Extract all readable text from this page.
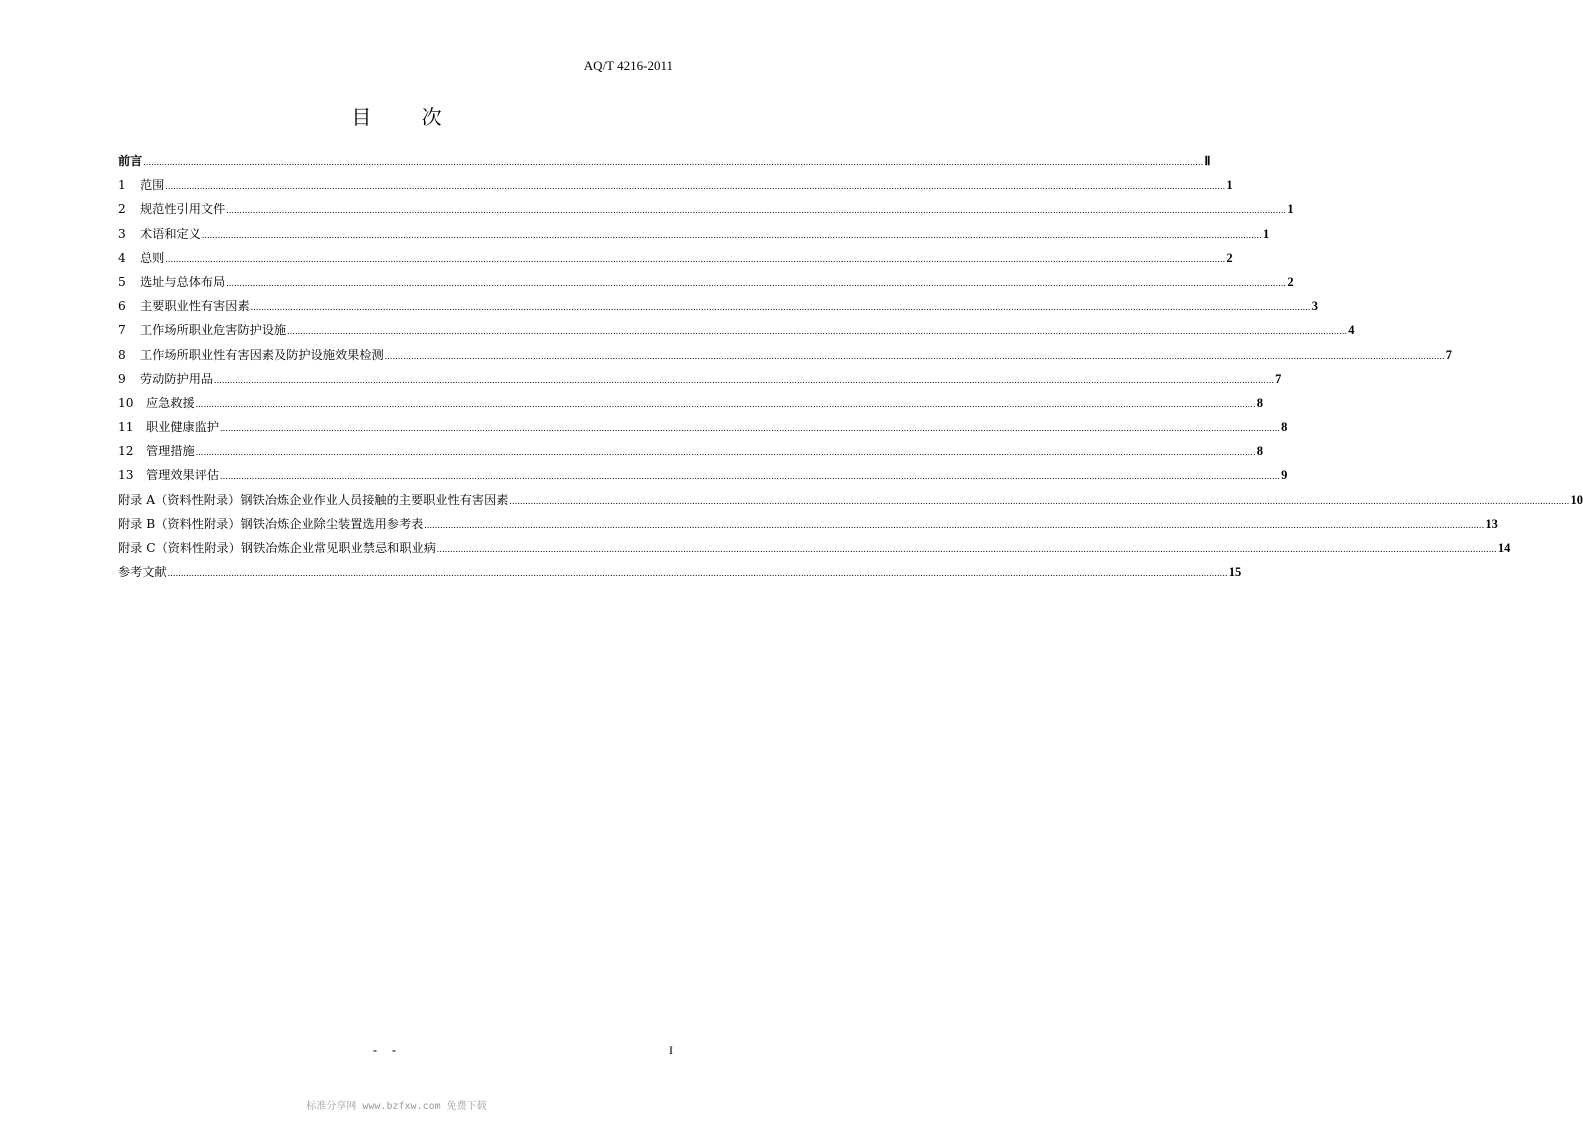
AQ/T 4216-2011
目 次
前言 ................................................................................................................................................................................................................................................................................................................................................................................................................ Ⅱ
1	范围 ................................................................................................................................................................................................................................................................................................................................................................................................................ 1
2	规范性引用文件 ................................................................................................................................................................................................................................................................................................................................................................................................................ 1
3	术语和定义 ................................................................................................................................................................................................................................................................................................................................................................................................................ 1
4	总则 ................................................................................................................................................................................................................................................................................................................................................................................................................ 2
5	选址与总体布局 ................................................................................................................................................................................................................................................................................................................................................................................................................ 2
6	主要职业性有害因素 ................................................................................................................................................................................................................................................................................................................................................................................................................ 3
7	工作场所职业危害防护设施 ................................................................................................................................................................................................................................................................................................................................................................................................................ 4
8	工作场所职业性有害因素及防护设施效果检测 ................................................................................................................................................................................................................................................................................................................................................................................................................ 7
9	劳动防护用品 ................................................................................................................................................................................................................................................................................................................................................................................................................ 7
10	应急救援 ................................................................................................................................................................................................................................................................................................................................................................................................................ 8
11	职业健康监护 ................................................................................................................................................................................................................................................................................................................................................................................................................ 8
12	管理措施 ................................................................................................................................................................................................................................................................................................................................................................................................................ 8
13	管理效果评估 ................................................................................................................................................................................................................................................................................................................................................................................................................ 9
附录 A（资料性附录）钢铁冶炼企业作业人员接触的主要职业性有害因素 ................................................................................................................................................................................................................................................................................................................................................................................................................ 10
附录 B（资料性附录）钢铁冶炼企业除尘装置选用参考表 ................................................................................................................................................................................................................................................................................................................................................................................................................ 13
附录 C（资料性附录）钢铁冶炼企业常见职业禁忌和职业病 ................................................................................................................................................................................................................................................................................................................................................................................................................ 14
参考文献 ................................................................................................................................................................................................................................................................................................................................................................................................................ 15
- -	I
标准分享网 www.bzfxw.com 免费下载
